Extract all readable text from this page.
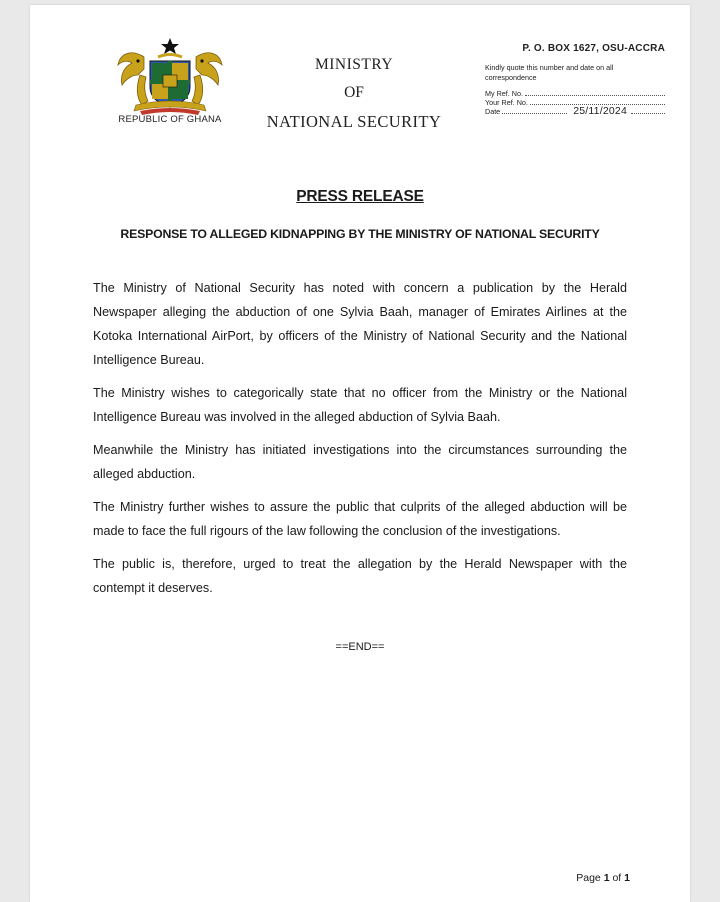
REPUBLIC OF GHANA
MINISTRY
OF
NATIONAL SECURITY
P. O. BOX 1627, OSU-ACCRA
Kindly quote this number and date on all correspondence
My Ref. No.
Your Ref. No.
Date	25/11/2024
PRESS RELEASE
RESPONSE TO ALLEGED KIDNAPPING BY THE MINISTRY OF NATIONAL SECURITY

The Ministry of National Security has noted with concern a publication by the Herald Newspaper alleging the abduction of one Sylvia Baah, manager of Emirates Airlines at the Kotoka International AirPort, by officers of the Ministry of National Security and the National Intelligence Bureau.

The Ministry wishes to categorically state that no officer from the Ministry or the National Intelligence Bureau was involved in the alleged abduction of Sylvia Baah.

Meanwhile the Ministry has initiated investigations into the circumstances surrounding the alleged abduction.

The Ministry further wishes to assure the public that culprits of the alleged abduction will be made to face the full rigours of the law following the conclusion of the investigations.

The public is, therefore, urged to treat the allegation by the Herald Newspaper with the contempt it deserves.

==END==
Page 1 of 1
